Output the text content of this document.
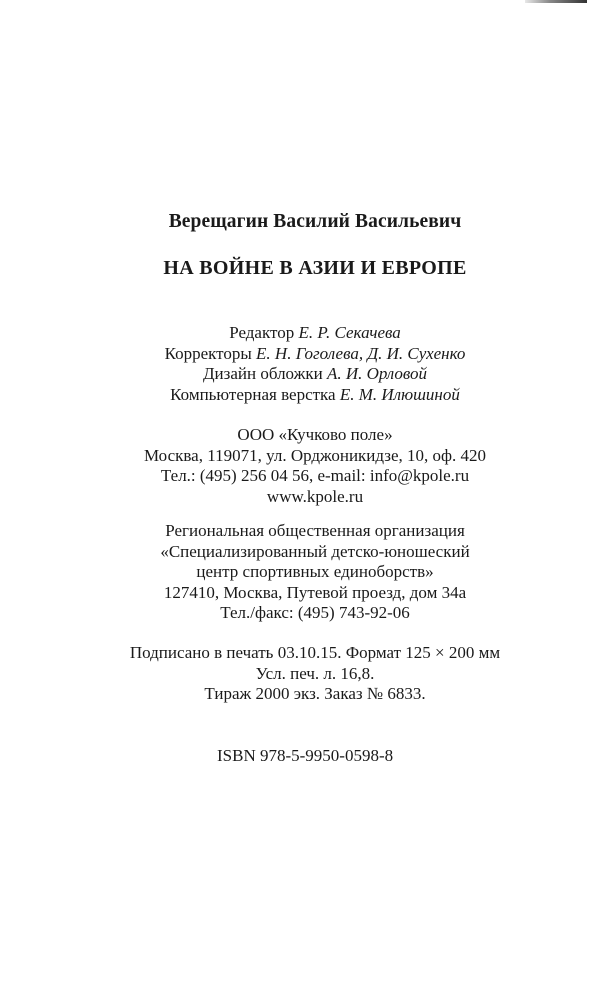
Верещагин Василий Васильевич
НА ВОЙНЕ В АЗИИ И ЕВРОПЕ
Редактор Е. Р. Секачева
Корректоры Е. Н. Гоголева, Д. И. Сухенко
Дизайн обложки А. И. Орловой
Компьютерная верстка Е. М. Илюшиной
ООО «Кучково поле»
Москва, 119071, ул. Орджоникидзе, 10, оф. 420
Тел.: (495) 256 04 56, e-mail: info@kpole.ru
www.kpole.ru
Региональная общественная организация
«Специализированный детско-юношеский
центр спортивных единоборств»
127410, Москва, Путевой проезд, дом 34а
Тел./факс: (495) 743-92-06
Подписано в печать 03.10.15. Формат 125 × 200 мм
Усл. печ. л. 16,8.
Тираж 2000 экз. Заказ № 6833.
ISBN 978-5-9950-0598-8
